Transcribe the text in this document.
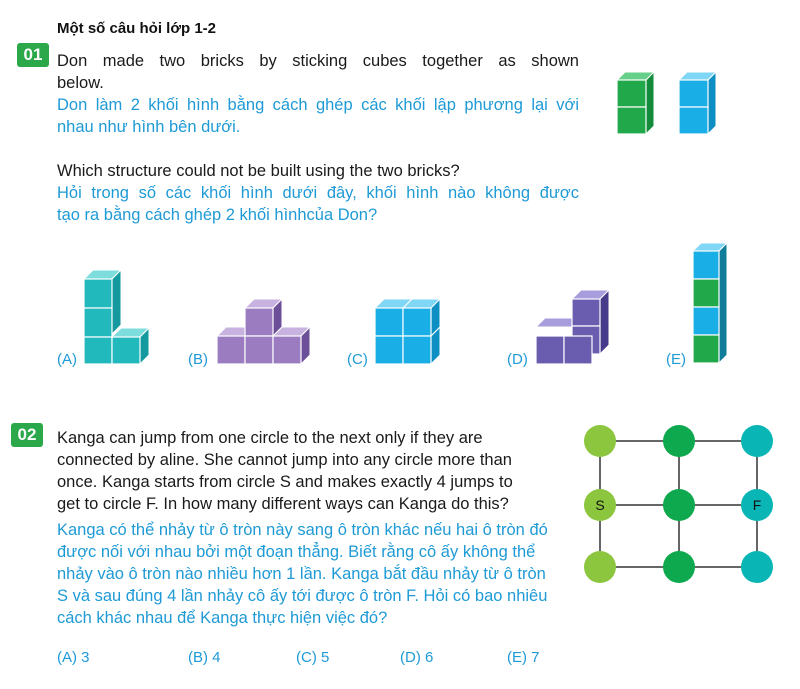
Một số câu hỏi lớp 1-2
01 Don made two bricks by sticking cubes together as shown
below.
Don làm 2 khối hình bằng cách ghép các khối lập phương lại với
nhau như hình bên dưới.
Which structure could not be built using the two bricks?
Hỏi trong số các khối hình dưới đây, khối hình nào không được
tạo ra bằng cách ghép 2 khối hìnhcủa Don?
(A)	(B)	(C)	(D)	(E)
02	Kanga can jump from one circle to the next only if they are
connected by aline. She cannot jump into any circle more than
once. Kanga starts from circle S and makes exactly 4 jumps to
get to circle F. In how many different ways can Kanga do this?
Kanga có thể nhảy từ ô tròn này sang ô tròn khác nếu hai ô tròn đó
được nối với nhau bởi một đoạn thẳng. Biết rằng cô ấy không thể
nhảy vào ô tròn nào nhiều hơn 1 lần. Kanga bắt đầu nhảy từ ô tròn
S và sau đúng 4 lần nhảy cô ấy tới được ô tròn F. Hỏi có bao nhiêu
cách khác nhau để Kanga thực hiện việc đó?
(A) 3	(B) 4	(C) 5	(D) 6	(E) 7
S	F
